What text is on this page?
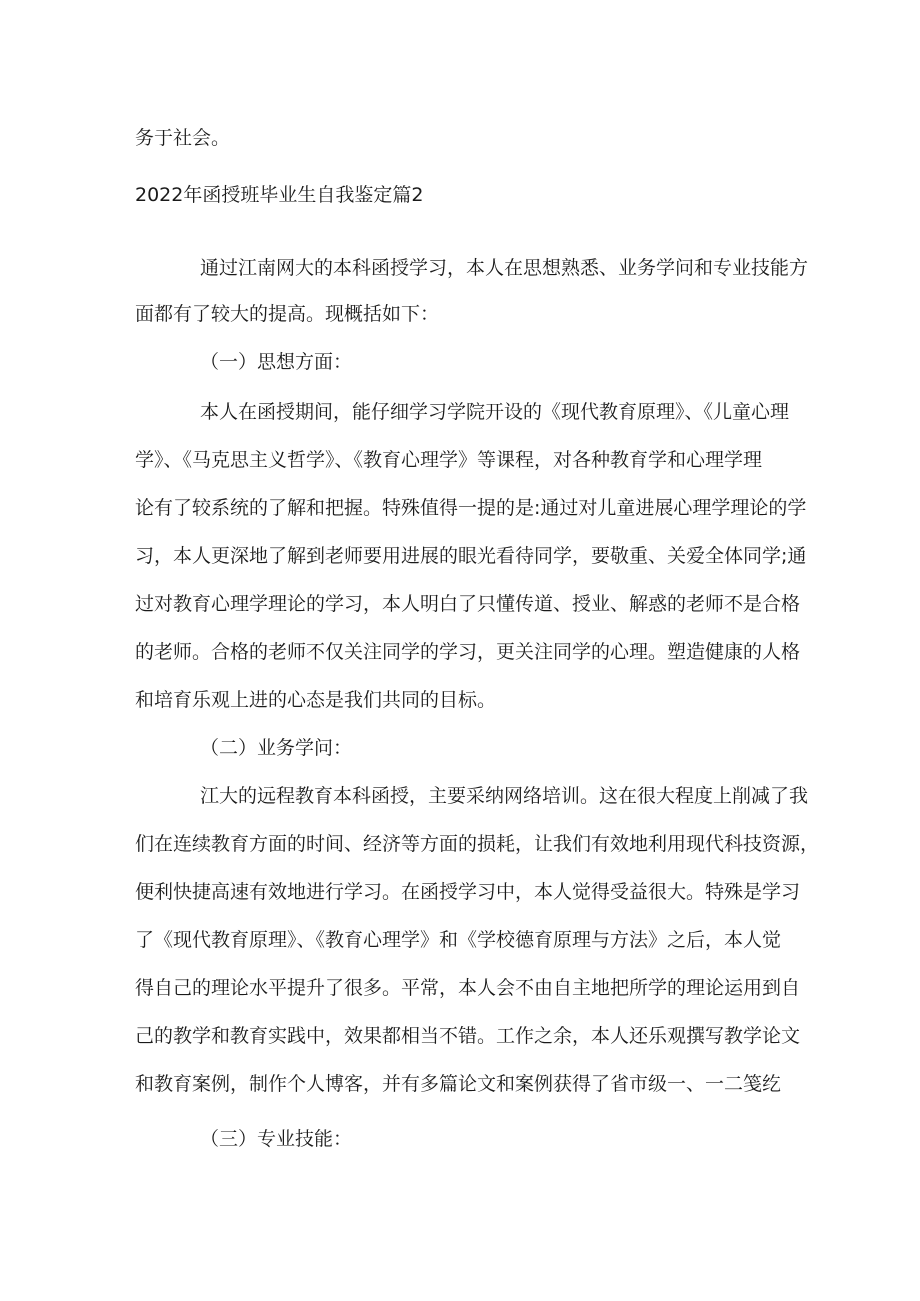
务于社会。
2022年函授班毕业生自我鉴定篇2
通过江南网大的本科函授学习，本人在思想熟悉、业务学问和专业技能方
面都有了较大的提高。现概括如下：
（一）思想方面：
本人在函授期间，能仔细学习学院开设的《现代教育原理》、《儿童心理
学》、《马克思主义哲学》、《教育心理学》等课程，对各种教育学和心理学理
论有了较系统的了解和把握。特殊值得一提的是:通过对儿童进展心理学理论的学
习，本人更深地了解到老师要用进展的眼光看待同学，要敬重、关爱全体同学;通
过对教育心理学理论的学习，本人明白了只懂传道、授业、解惑的老师不是合格
的老师。合格的老师不仅关注同学的学习，更关注同学的心理。塑造健康的人格
和培育乐观上进的心态是我们共同的目标。
（二）业务学问：
江大的远程教育本科函授，主要采纳网络培训。这在很大程度上削减了我
们在连续教育方面的时间、经济等方面的损耗，让我们有效地利用现代科技资源，
便利快捷高速有效地进行学习。在函授学习中，本人觉得受益很大。特殊是学习
了《现代教育原理》、《教育心理学》和《学校德育原理与方法》之后，本人觉
得自己的理论水平提升了很多。平常，本人会不由自主地把所学的理论运用到自
己的教学和教育实践中，效果都相当不错。工作之余，本人还乐观撰写教学论文
和教育案例，制作个人博客，并有多篇论文和案例获得了省市级一、一二笺纥
（三）专业技能：
